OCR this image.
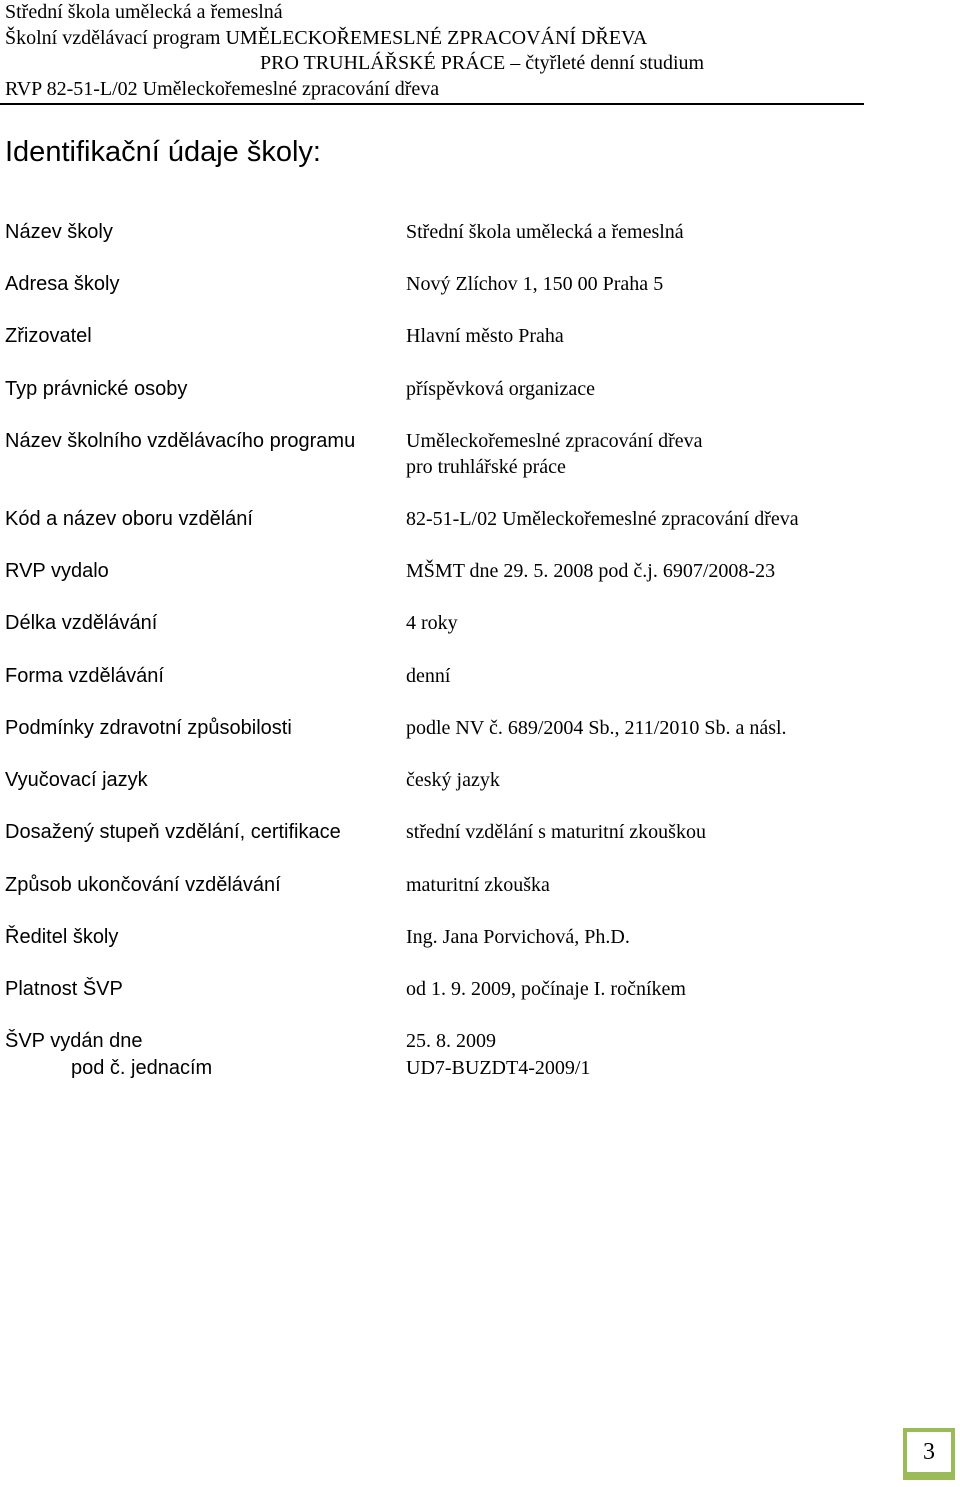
Střední škola umělecká a řemeslná
Školní vzdělávací program UMĚLECKOŘEMESLNÉ ZPRACOVÁNÍ DŘEVA
PRO TRUHLÁŘSKÉ PRÁCE – čtyřleté denní studium
RVP 82-51-L/02 Uměleckořemeslné zpracování dřeva
Identifikační údaje školy:
Název školy	Střední škola umělecká a řemeslná
Adresa školy	Nový Zlíchov 1, 150 00 Praha 5
Zřizovatel	Hlavní město Praha
Typ právnické osoby	příspěvková organizace
Název školního vzdělávacího programu	Uměleckořemeslné zpracování dřeva
pro truhlářské práce
Kód a název oboru vzdělání	82-51-L/02 Uměleckořemeslné zpracování dřeva
RVP vydalo	MŠMT dne 29. 5. 2008 pod č.j. 6907/2008-23
Délka vzdělávání	4 roky
Forma vzdělávání	denní
Podmínky zdravotní způsobilosti	podle NV č. 689/2004 Sb., 211/2010 Sb. a násl.
Vyučovací jazyk	český jazyk
Dosažený stupeň vzdělání, certifikace	střední vzdělání s maturitní zkouškou
Způsob ukončování vzdělávání	maturitní zkouška
Ředitel školy	Ing. Jana Porvichová, Ph.D.
Platnost ŠVP	od 1. 9. 2009, počínaje I. ročníkem
ŠVP vydán dne	25. 8. 2009
pod č. jednacím	UD7-BUZDT4-2009/1
3
